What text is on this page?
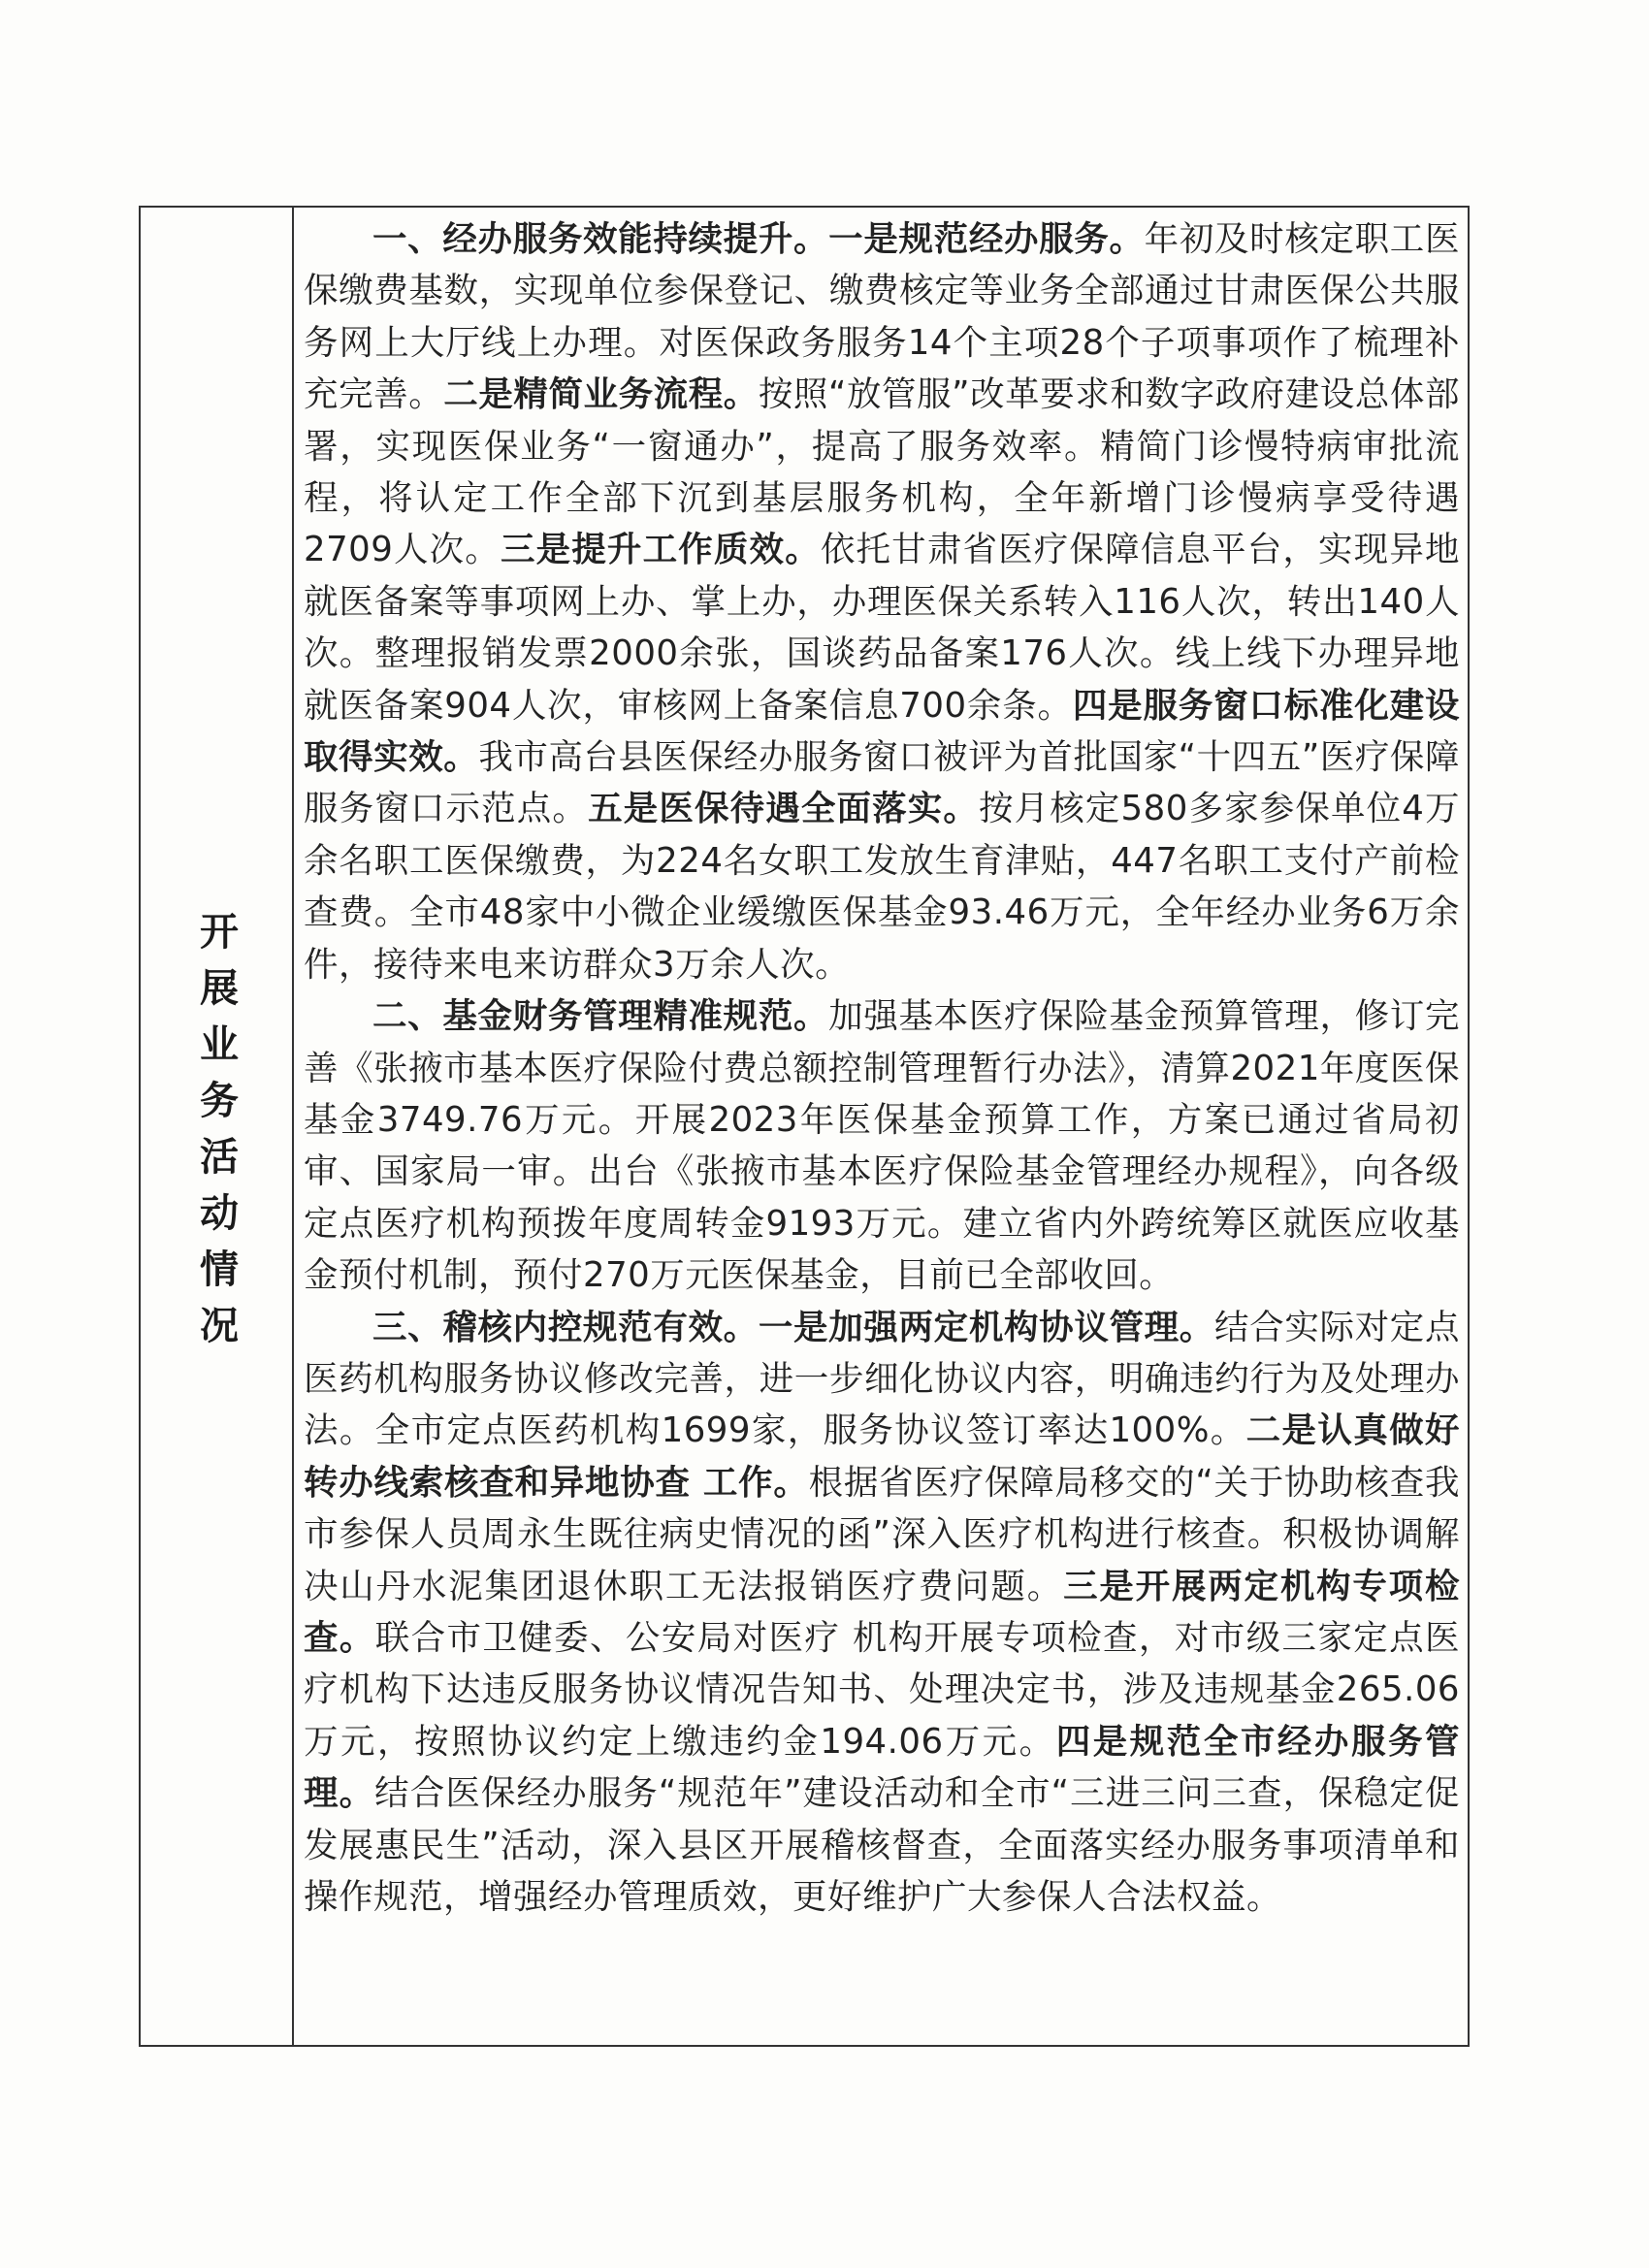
开展业务活动情况

一、经办服务效能持续提升。一是规范经办服务。年初及时核定职工医保缴费基数，实现单位参保登记、缴费核定等业务全部通过甘肃医保公共服务网上大厅线上办理。对医保政务服务14个主项28个子项事项作了梳理补充完善。二是精简业务流程。按照“放管服”改革要求和数字政府建设总体部署，实现医保业务“一窗通办”，提高了服务效率。精简门诊慢特病审批流程，将认定工作全部下沉到基层服务机构，全年新增门诊慢病享受待遇2709人次。三是提升工作质效。依托甘肃省医疗保障信息平台，实现异地就医备案等事项网上办、掌上办，办理医保关系转入116人次，转出140人次。整理报销发票2000余张，国谈药品备案176人次。线上线下办理异地就医备案904人次，审核网上备案信息700余条。四是服务窗口标准化建设取得实效。我市高台县医保经办服务窗口被评为首批国家“十四五”医疗保障服务窗口示范点。五是医保待遇全面落实。按月核定580多家参保单位4万余名职工医保缴费，为224名女职工发放生育津贴，447名职工支付产前检查费。全市48家中小微企业缓缴医保基金93.46万元，全年经办业务6万余件，接待来电来访群众3万余人次。

二、基金财务管理精准规范。加强基本医疗保险基金预算管理，修订完善《张掖市基本医疗保险付费总额控制管理暂行办法》，清算2021年度医保基金3749.76万元。开展2023年医保基金预算工作，方案已通过省局初审、国家局一审。出台《张掖市基本医疗保险基金管理经办规程》，向各级定点医疗机构预拨年度周转金9193万元。建立省内外跨统筹区就医应收基金预付机制，预付270万元医保基金，目前已全部收回。

三、稽核内控规范有效。一是加强两定机构协议管理。结合实际对定点医药机构服务协议修改完善，进一步细化协议内容，明确违约行为及处理办法。全市定点医药机构1699家，服务协议签订率达100%。二是认真做好转办线索核查和异地协查 工作。根据省医疗保障局移交的“关于协助核查我市参保人员周永生既往病史情况的函”深入医疗机构进行核查。积极协调解决山丹水泥集团退休职工无法报销医疗费问题。三是开展两定机构专项检查。联合市卫健委、公安局对医疗 机构开展专项检查，对市级三家定点医疗机构下达违反服务协议情况告知书、处理决定书，涉及违规基金265.06万元，按照协议约定上缴违约金194.06万元。四是规范全市经办服务管理。结合医保经办服务“规范年”建设活动和全市“三进三问三查，保稳定促发展惠民生”活动，深入县区开展稽核督查，全面落实经办服务事项清单和操作规范，增强经办管理质效，更好维护广大参保人合法权益。
